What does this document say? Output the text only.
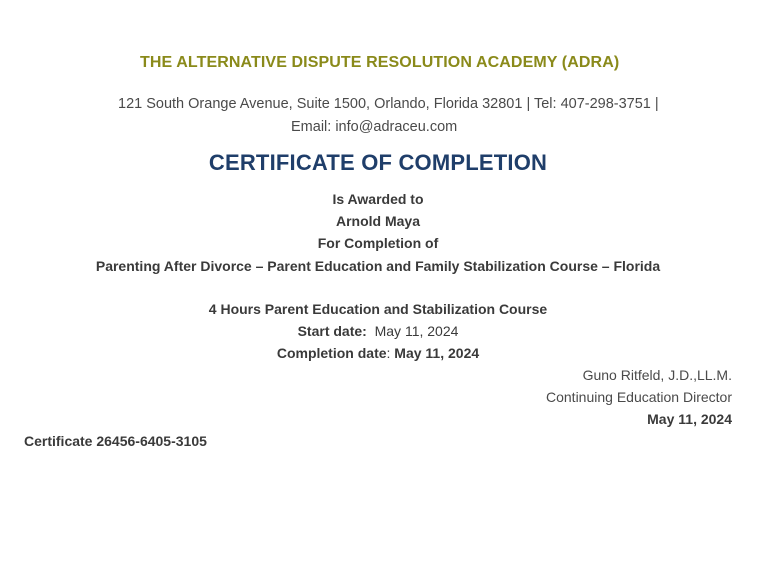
THE ALTERNATIVE DISPUTE RESOLUTION ACADEMY (ADRA)
121 South Orange Avenue, Suite 1500, Orlando, Florida 32801 | Tel: 407-298-3751 |
Email: info@adraceu.com
CERTIFICATE OF COMPLETION
Is Awarded to
Arnold Maya
For Completion of
Parenting After Divorce – Parent Education and Family Stabilization Course – Florida
4 Hours Parent Education and Stabilization Course
Start date: May 11, 2024
Completion date: May 11, 2024
Guno Ritfeld, J.D.,LL.M.
Continuing Education Director
May 11, 2024
Certificate 26456-6405-3105
